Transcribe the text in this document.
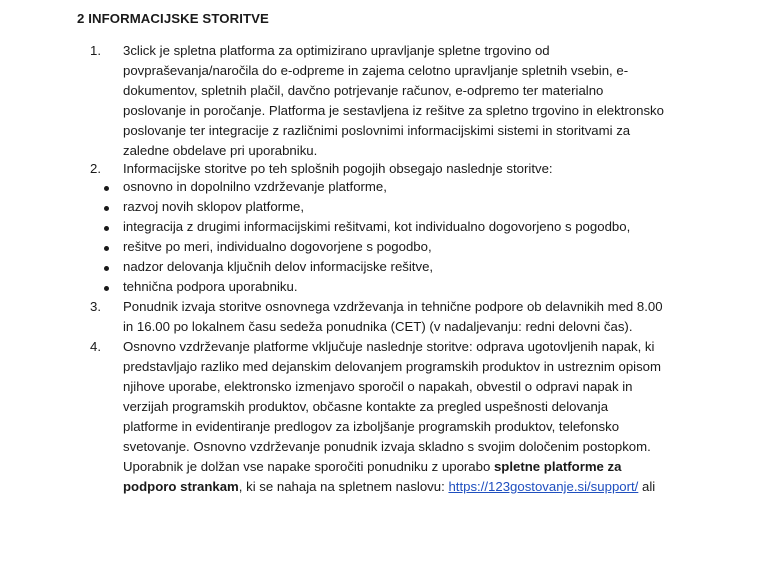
2 INFORMACIJSKE STORITVE
1. 3click je spletna platforma za optimizirano upravljanje spletne trgovino od
povpraševanja/naročila do e-odpreme in zajema celotno upravljanje spletnih vsebin, e-
dokumentov, spletnih plačil, davčno potrjevanje računov, e-odpremo ter materialno
poslovanje in poročanje. Platforma je sestavljena iz rešitve za spletno trgovino in elektronsko
poslovanje ter integracije z različnimi poslovnimi informacijskimi sistemi in storitvami za
zaledne obdelave pri uporabniku.
2. Informacijske storitve po teh splošnih pogojih obsegajo naslednje storitve:
osnovno in dopolnilno vzdrževanje platforme,
razvoj novih sklopov platforme,
integracija z drugimi informacijskimi rešitvami, kot individualno dogovorjeno s pogodbo,
rešitve po meri, individualno dogovorjene s pogodbo,
nadzor delovanja ključnih delov informacijske rešitve,
tehnična podpora uporabniku.
3. Ponudnik izvaja storitve osnovnega vzdrževanja in tehnične podpore ob delavnikih med 8.00
in 16.00 po lokalnem času sedeža ponudnika (CET) (v nadaljevanju: redni delovni čas).
4. Osnovno vzdrževanje platforme vključuje naslednje storitve: odprava ugotovljenih napak, ki
predstavljajo razliko med dejanskim delovanjem programskih produktov in ustreznim opisom
njihove uporabe, elektronsko izmenjavo sporočil o napakah, obvestil o odpravi napak in
verzijah programskih produktov, občasne kontakte za pregled uspešnosti delovanja
platforme in evidentiranje predlogov za izboljšanje programskih produktov, telefonsko
svetovanje. Osnovno vzdrževanje ponudnik izvaja skladno s svojim določenim postopkom.
Uporabnik je dolžan vse napake sporočiti ponudniku z uporabo spletne platforme za
podporo strankam, ki se nahaja na spletnem naslovu: https://123gostovanje.si/support/ ali
